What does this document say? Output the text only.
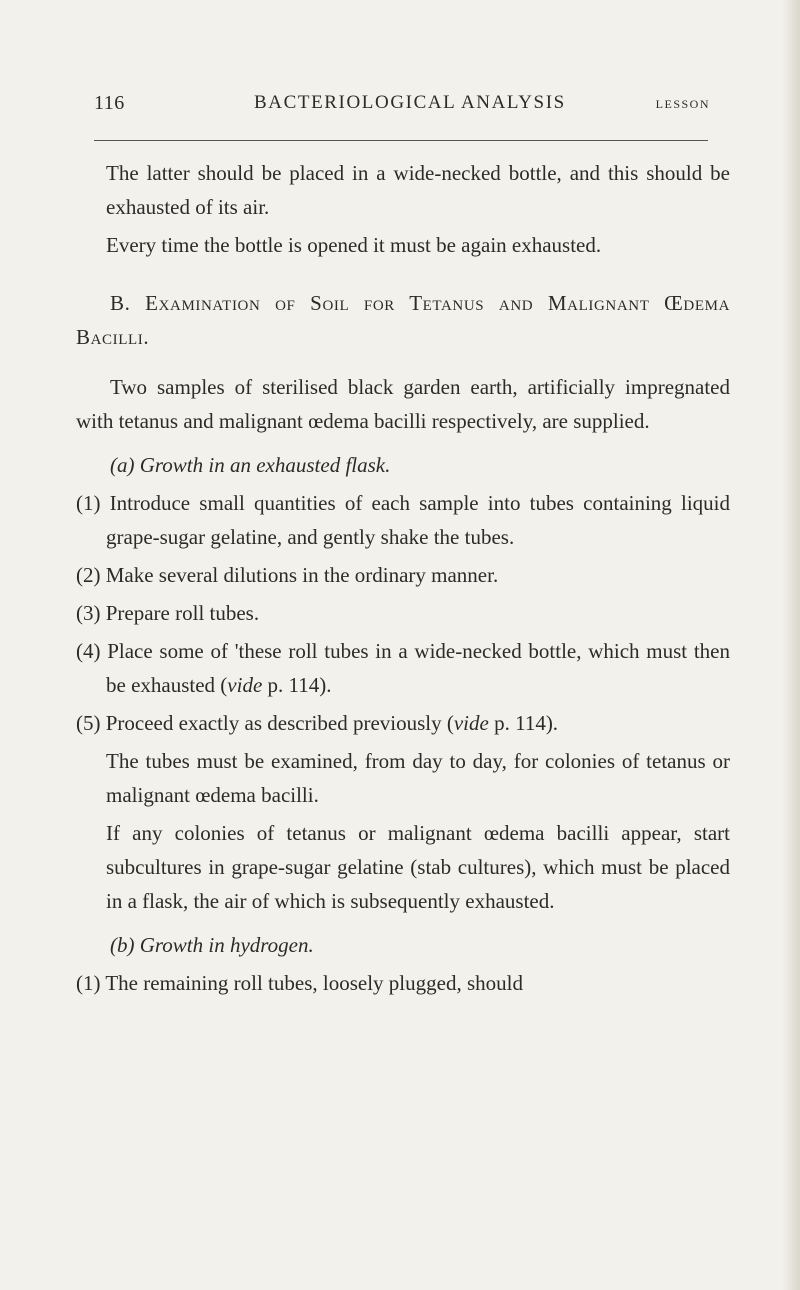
116	BACTERIOLOGICAL ANALYSIS	LESSON

The latter should be placed in a wide-necked bottle, and this should be exhausted of its air.

Every time the bottle is opened it must be again exhausted.

B. Examination of Soil for Tetanus and Malignant Œdema Bacilli.

Two samples of sterilised black garden earth, artificially impregnated with tetanus and malignant œdema bacilli respectively, are supplied.

(a) Growth in an exhausted flask.

(1) Introduce small quantities of each sample into tubes containing liquid grape-sugar gelatine, and gently shake the tubes.

(2) Make several dilutions in the ordinary manner.

(3) Prepare roll tubes.

(4) Place some of 'these roll tubes in a wide-necked bottle, which must then be exhausted (vide p. 114).

(5) Proceed exactly as described previously (vide p. 114).

The tubes must be examined, from day to day, for colonies of tetanus or malignant œdema bacilli.

If any colonies of tetanus or malignant œdema bacilli appear, start subcultures in grape-sugar gelatine (stab cultures), which must be placed in a flask, the air of which is subsequently exhausted.

(b) Growth in hydrogen.

(1) The remaining roll tubes, loosely plugged, should
